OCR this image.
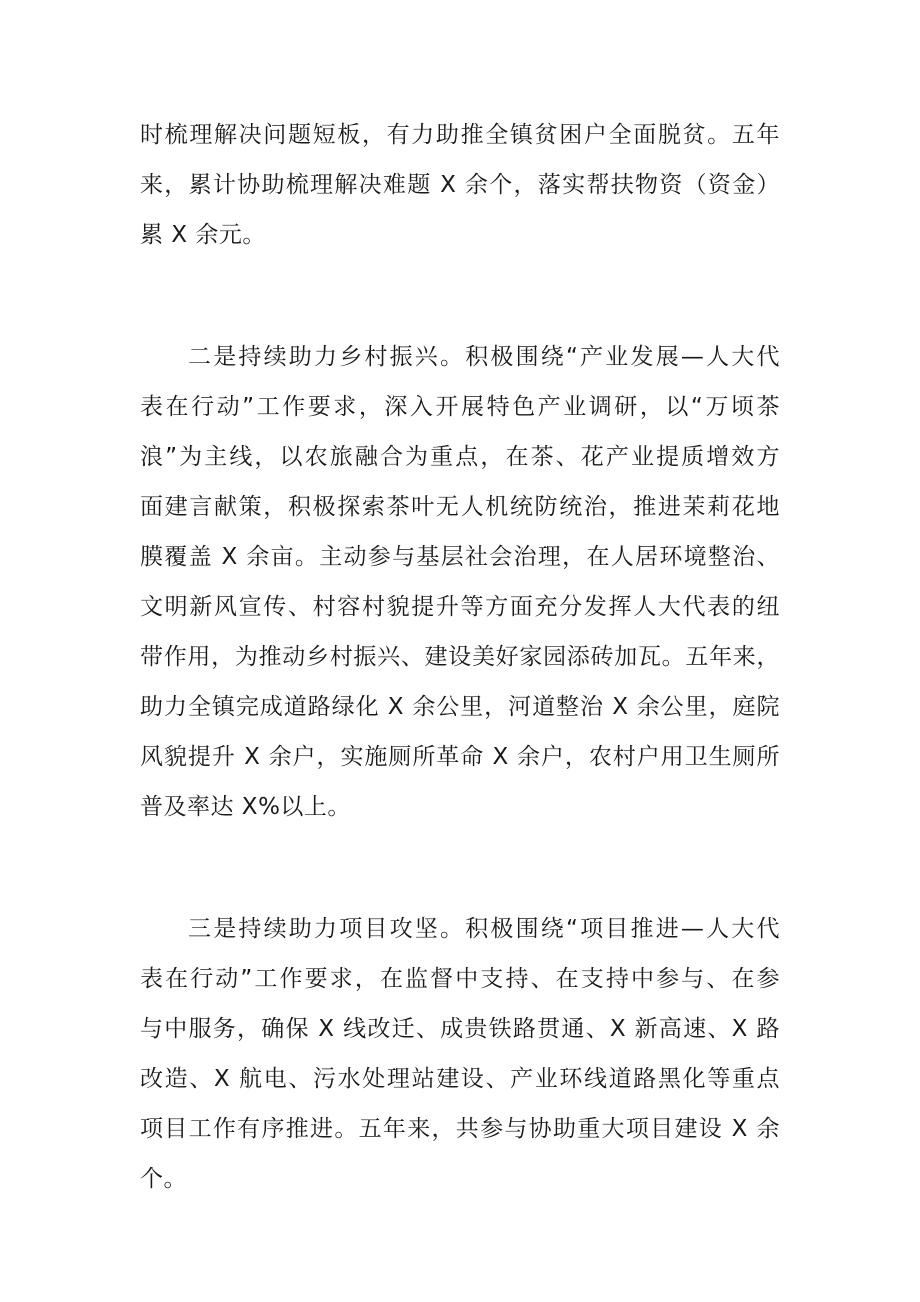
时梳理解决问题短板，有力助推全镇贫困户全面脱贫。五年
来，累计协助梳理解决难题 X 余个，落实帮扶物资（资金）
累 X 余元。
二是持续助力乡村振兴。积极围绕“产业发展—人大代
表在行动”工作要求，深入开展特色产业调研，以“万顷茶
浪”为主线，以农旅融合为重点，在茶、花产业提质增效方
面建言献策，积极探索茶叶无人机统防统治，推进茉莉花地
膜覆盖 X 余亩。主动参与基层社会治理，在人居环境整治、
文明新风宣传、村容村貌提升等方面充分发挥人大代表的纽
带作用，为推动乡村振兴、建设美好家园添砖加瓦。五年来，
助力全镇完成道路绿化 X 余公里，河道整治 X 余公里，庭院
风貌提升 X 余户，实施厕所革命 X 余户，农村户用卫生厕所
普及率达 X%以上。
三是持续助力项目攻坚。积极围绕“项目推进—人大代
表在行动”工作要求，在监督中支持、在支持中参与、在参
与中服务，确保 X 线改迁、成贵铁路贯通、X 新高速、X 路
改造、X 航电、污水处理站建设、产业环线道路黑化等重点
项目工作有序推进。五年来，共参与协助重大项目建设 X 余
个。
